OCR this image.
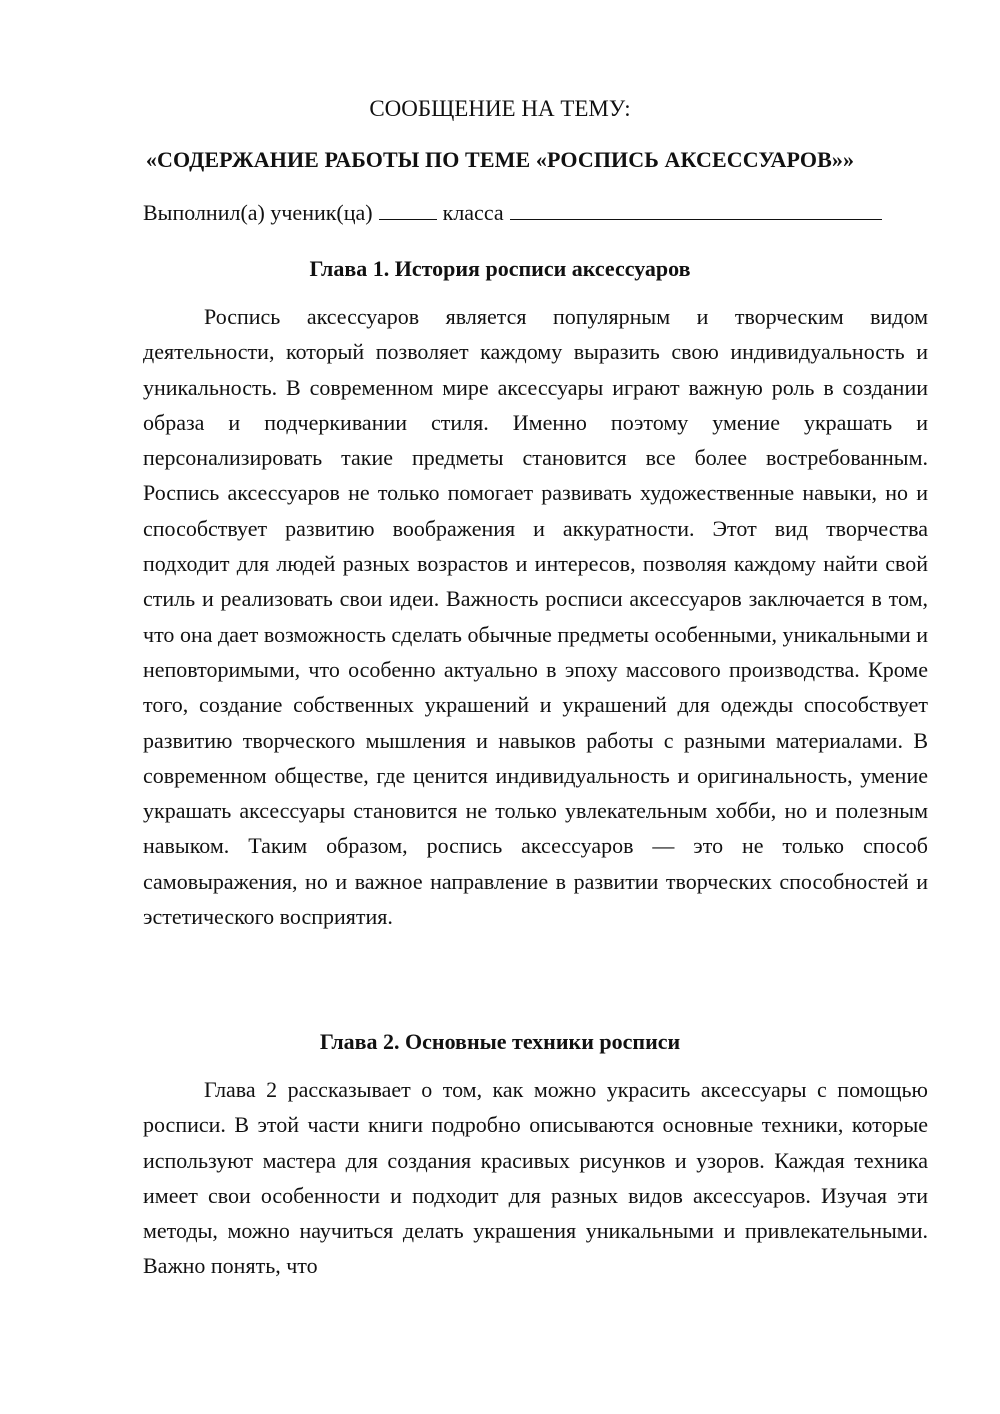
СООБЩЕНИЕ НА ТЕМУ:
«СОДЕРЖАНИЕ РАБОТЫ ПО ТЕМЕ «РОСПИСЬ АКСЕССУАРОВ»»
Выполнил(а) ученик(ца)	класса
Глава 1. История росписи аксессуаров

Роспись аксессуаров является популярным и творческим видом деятельности, который позволяет каждому выразить свою индивидуальность и уникальность. В современном мире аксессуары играют важную роль в создании образа и подчеркивании стиля. Именно поэтому умение украшать и персонализировать такие предметы становится все более востребованным. Роспись аксессуаров не только помогает развивать художественные навыки, но и способствует развитию воображения и аккуратности. Этот вид творчества подходит для людей разных возрастов и интересов, позволяя каждому найти свой стиль и реализовать свои идеи. Важность росписи аксессуаров заключается в том, что она дает возможность сделать обычные предметы особенными, уникальными и неповторимыми, что особенно актуально в эпоху массового производства. Кроме того, создание собственных украшений и украшений для одежды способствует развитию творческого мышления и навыков работы с разными материалами. В современном обществе, где ценится индивидуальность и оригинальность, умение украшать аксессуары становится не только увлекательным хобби, но и полезным навыком. Таким образом, роспись аксессуаров — это не только способ самовыражения, но и важное направление в развитии творческих способностей и эстетического восприятия.

Глава 2. Основные техники росписи

Глава 2 рассказывает о том, как можно украсить аксессуары с помощью росписи. В этой части книги подробно описываются основные техники, которые используют мастера для создания красивых рисунков и узоров. Каждая техника имеет свои особенности и подходит для разных видов аксессуаров. Изучая эти методы, можно научиться делать украшения уникальными и привлекательными. Важно понять, что
